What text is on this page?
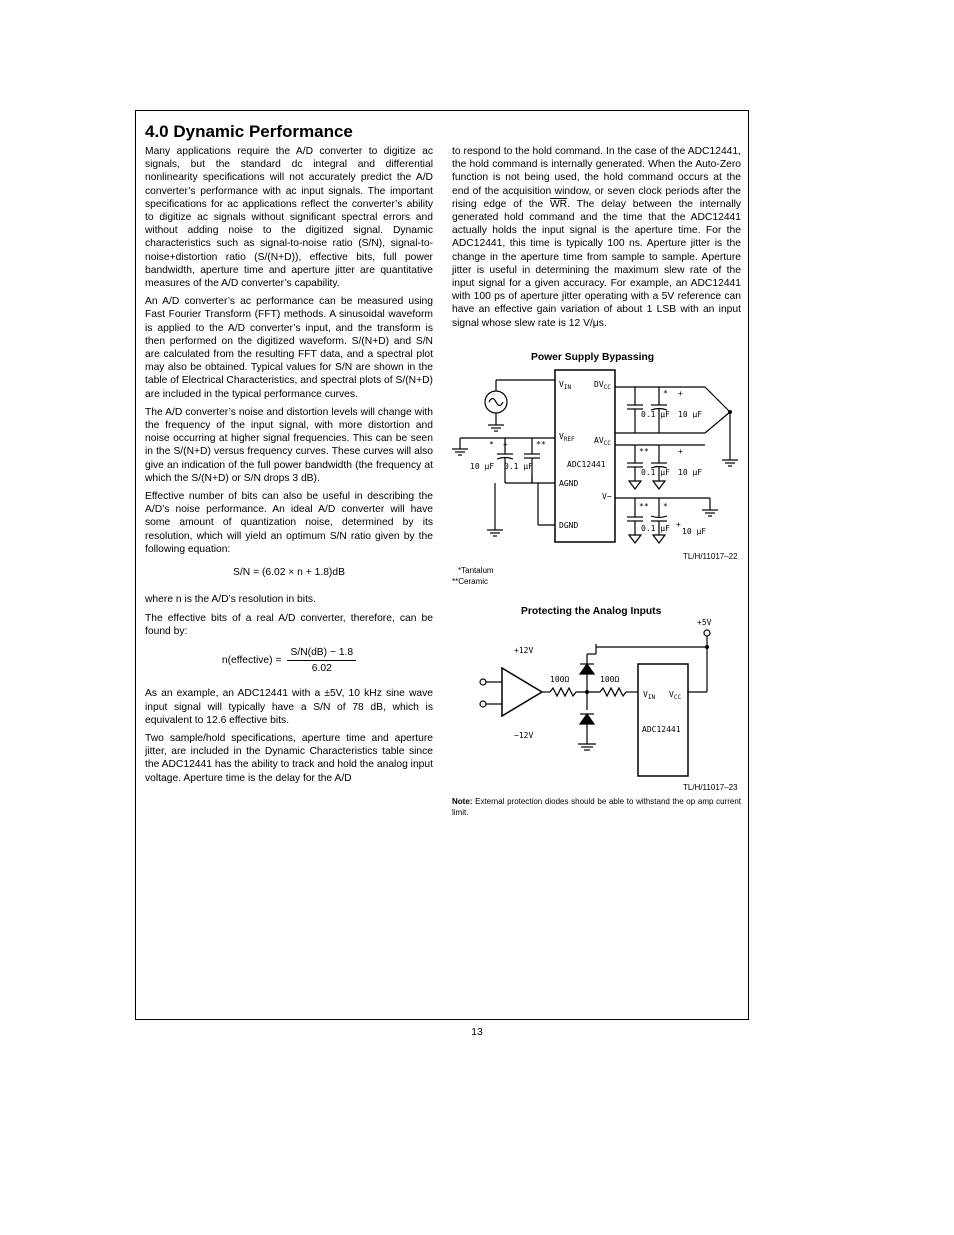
4.0 Dynamic Performance

Many applications require the A/D converter to digitize ac signals, but the standard dc integral and differential nonlinearity specifications will not accurately predict the A/D converter’s performance with ac input signals. The important specifications for ac applications reflect the converter’s ability to digitize ac signals without significant spectral errors and without adding noise to the digitized signal. Dynamic characteristics such as signal-to-noise ratio (S/N), signal-to-noise+distortion ratio (S/(N+D)), effective bits, full power bandwidth, aperture time and aperture jitter are quantitative measures of the A/D converter’s capability.

An A/D converter’s ac performance can be measured using Fast Fourier Transform (FFT) methods. A sinusoidal waveform is applied to the A/D converter’s input, and the transform is then performed on the digitized waveform. S/(N+D) and S/N are calculated from the resulting FFT data, and a spectral plot may also be obtained. Typical values for S/N are shown in the table of Electrical Characteristics, and spectral plots of S/(N+D) are included in the typical performance curves.

The A/D converter’s noise and distortion levels will change with the frequency of the input signal, with more distortion and noise occurring at higher signal frequencies. This can be seen in the S/(N+D) versus frequency curves. These curves will also give an indication of the full power bandwidth (the frequency at which the S/(N+D) or S/N drops 3 dB).

Effective number of bits can also be useful in describing the A/D’s noise performance. An ideal A/D converter will have some amount of quantization noise, determined by its resolution, which will yield an optimum S/N ratio given by the following equation:

S/N = (6.02 × n + 1.8)dB

where n is the A/D’s resolution in bits.

The effective bits of a real A/D converter, therefore, can be found by:

n(effective) = $\frac{S/N(dB) - 1.8}{6.02}$

As an example, an ADC12441 with a ±5V, 10 kHz sine wave input signal will typically have a S/N of 78 dB, which is equivalent to 12.6 effective bits.

Two sample/hold specifications, aperture time and aperture jitter, are included in the Dynamic Characteristics table since the ADC12441 has the ability to track and hold the analog input voltage. Aperture time is the delay for the A/D

to respond to the hold command. In the case of the ADC12441, the hold command is internally generated. When the Auto-Zero function is not being used, the hold command occurs at the end of the acquisition window, or seven clock periods after the rising edge of the $\overline{WR}$. The delay between the internally generated hold command and the time that the ADC12441 actually holds the input signal is the aperture time. For the ADC12441, this time is typically 100 ns. Aperture jitter is the change in the aperture time from sample to sample. Aperture jitter is useful in determining the maximum slew rate of the input signal for a given accuracy. For example, an ADC12441 with 100 ps of aperture jitter operating with a 5V reference can have an effective gain variation of about 1 LSB with an input signal whose slew rate is 12 V/μs.

Power Supply Bypassing
$V_{IN}$	$DV_{CC}$
$V_{REF}$ $AV_{CC}$
ADC12441
AGND
V−
DGND
0.1 μF 10 μF
0.1 μF 10 μF
10 μF 0.1 μF
0.1 μF 10 μF
* +
**	+
* +	**
** *
+
TL/H/11017–22
*Tantalum
**Ceramic
Protecting the Analog Inputs
+12V
−12V
+5V
100Ω	100Ω
$V_{IN}$ $V_{CC}$
ADC12441
TL/H/11017–23
Note: External protection diodes should be able to withstand the op amp current limit.
13
